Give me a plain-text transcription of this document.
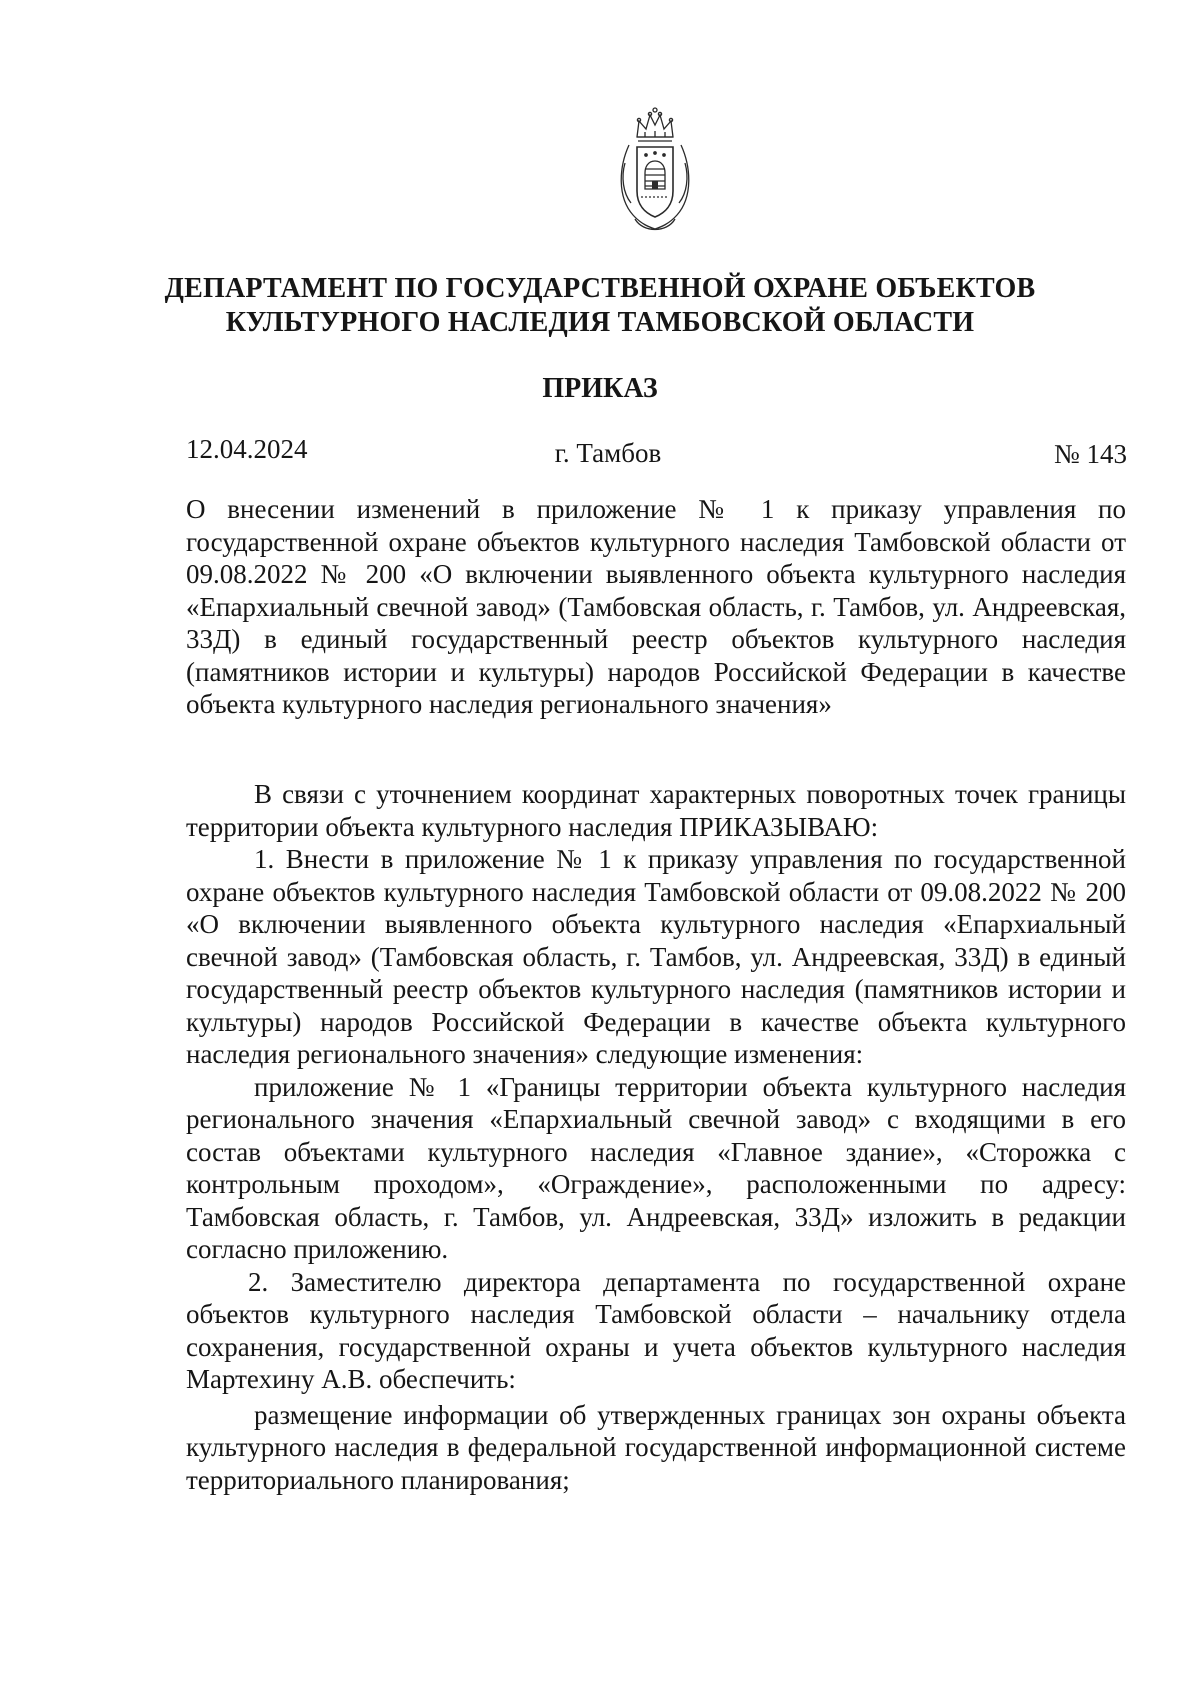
ДЕПАРТАМЕНТ ПО ГОСУДАРСТВЕННОЙ ОХРАНЕ ОБЪЕКТОВ
КУЛЬТУРНОГО НАСЛЕДИЯ ТАМБОВСКОЙ ОБЛАСТИ
ПРИКАЗ
12.04.2024	г. Тамбов	№ 143
О внесении изменений в приложение № 1 к приказу управления по государственной охране объектов культурного наследия Тамбовской области от 09.08.2022 № 200 «О включении выявленного объекта культурного наследия «Епархиальный свечной завод» (Тамбовская область, г. Тамбов, ул. Андреевская, 33Д) в единый государственный реестр объектов культурного наследия (памятников истории и культуры) народов Российской Федерации в качестве объекта культурного наследия регионального значения»

В связи с уточнением координат характерных поворотных точек границы территории объекта культурного наследия ПРИКАЗЫВАЮ:

1. Внести в приложение № 1 к приказу управления по государственной охране объектов культурного наследия Тамбовской области от 09.08.2022 № 200 «О включении выявленного объекта культурного наследия «Епархиальный свечной завод» (Тамбовская область, г. Тамбов, ул. Андреевская, 33Д) в единый государственный реестр объектов культурного наследия (памятников истории и культуры) народов Российской Федерации в качестве объекта культурного наследия регионального значения» следующие изменения:

приложение № 1 «Границы территории объекта культурного наследия регионального значения «Епархиальный свечной завод» с входящими в его состав объектами культурного наследия «Главное здание», «Сторожка с контрольным проходом», «Ограждение», расположенными по адресу: Тамбовская область, г. Тамбов, ул. Андреевская, 33Д» изложить в редакции согласно приложению.

2. Заместителю директора департамента по государственной охране объектов культурного наследия Тамбовской области – начальнику отдела сохранения, государственной охраны и учета объектов культурного наследия Мартехину А.В. обеспечить:

размещение информации об утвержденных границах зон охраны объекта культурного наследия в федеральной государственной информационной системе территориального планирования;
